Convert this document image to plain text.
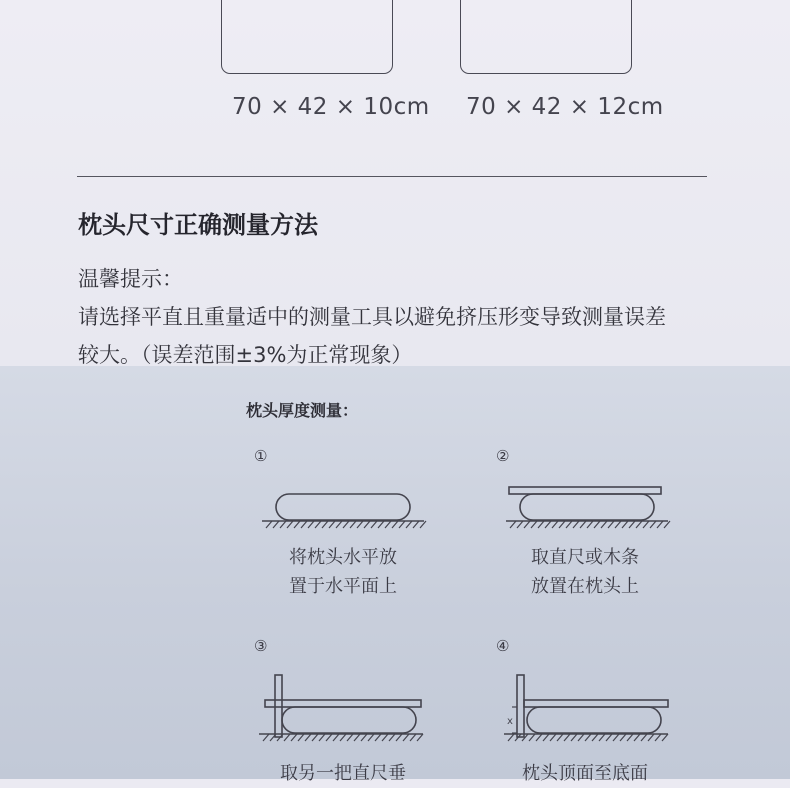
70 × 42 × 10cm 70 × 42 × 12cm
枕头尺寸正确测量方法
温馨提示：
请选择平直且重量适中的测量工具以避免挤压形变导致测量误差
较大。（误差范围±3%为正常现象）
枕头厚度测量：
①
将枕头水平放
置于水平面上
②
取直尺或木条
放置在枕头上
③
取另一把直尺垂
④
x
枕头顶面至底面
